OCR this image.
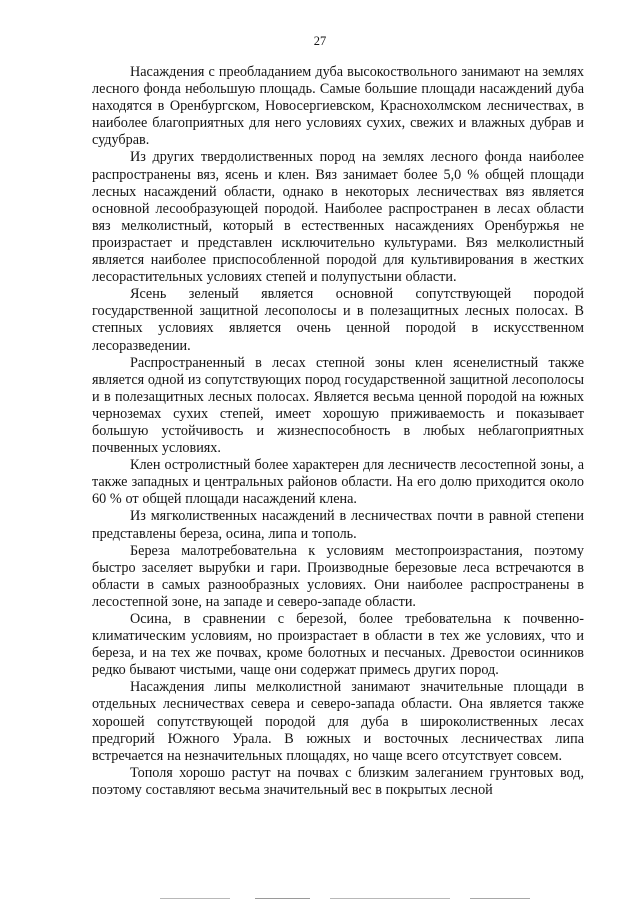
27

Насаждения с преобладанием дуба высокоствольного занимают на землях лесного фонда небольшую площадь. Самые большие площади насаждений дуба находятся в Оренбургском, Новосергиевском, Краснохолмском лесничествах, в наиболее благоприятных для него условиях сухих, свежих и влажных дубрав и судубрав.

Из других твердолиственных пород на землях лесного фонда наиболее распространены вяз, ясень и клен. Вяз занимает более 5,0 % общей площади лесных насаждений области, однако в некоторых лесничествах вяз является основной лесообразующей породой. Наиболее распространен в лесах области вяз мелколистный, который в естественных насаждениях Оренбуржья не произрастает и представлен исключительно культурами. Вяз мелколистный является наиболее приспособленной породой для культивирования в жестких лесорастительных условиях степей и полупустыни области.

Ясень зеленый является основной сопутствующей породой государственной защитной лесополосы и в полезащитных лесных полосах. В степных условиях является очень ценной породой в искусственном лесоразведении.

Распространенный в лесах степной зоны клен ясенелистный также является одной из сопутствующих пород государственной защитной лесополосы и в полезащитных лесных полосах. Является весьма ценной породой на южных черноземах сухих степей, имеет хорошую приживаемость и показывает большую устойчивость и жизнеспособность в любых неблагоприятных почвенных условиях.

Клен остролистный более характерен для лесничеств лесостепной зоны, а также западных и центральных районов области. На его долю приходится около 60 % от общей площади насаждений клена.

Из мягколиственных насаждений в лесничествах почти в равной степени представлены береза, осина, липа и тополь.

Береза малотребовательна к условиям местопроизрастания, поэтому быстро заселяет вырубки и гари. Производные березовые леса встречаются в области в самых разнообразных условиях. Они наиболее распространены в лесостепной зоне, на западе и северо-западе области.

Осина, в сравнении с березой, более требовательна к почвенно-климатическим условиям, но произрастает в области в тех же условиях, что и береза, и на тех же почвах, кроме болотных и песчаных. Древостои осинников редко бывают чистыми, чаще они содержат примесь других пород.

Насаждения липы мелколистной занимают значительные площади в отдельных лесничествах севера и северо-запада области. Она является также хорошей сопутствующей породой для дуба в широколиственных лесах предгорий Южного Урала. В южных и восточных лесничествах липа встречается на незначительных площадях, но чаще всего отсутствует совсем.

Тополя хорошо растут на почвах с близким залеганием грунтовых вод, поэтому составляют весьма значительный вес в покрытых лесной
